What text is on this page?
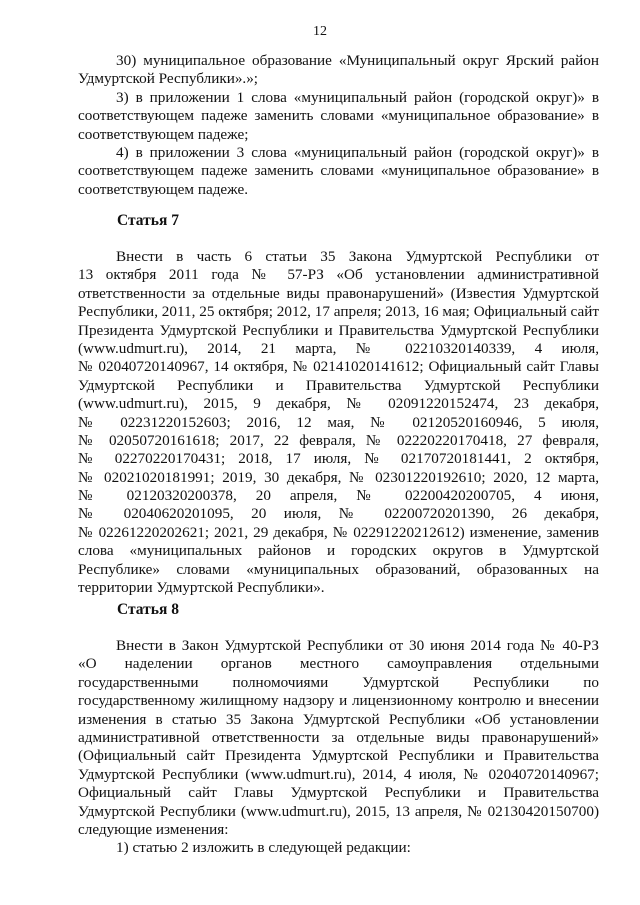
12
30) муниципальное образование «Муниципальный округ Ярский район
Удмуртской Республики».»;
3) в приложении 1 слова «муниципальный район (городской округ)» в
соответствующем падеже заменить словами «муниципальное образование» в
соответствующем падеже;
4) в приложении 3 слова «муниципальный район (городской округ)» в
соответствующем падеже заменить словами «муниципальное образование» в
соответствующем падеже.
Статья 7
Внести в часть 6 статьи 35 Закона Удмуртской Республики от
13 октября 2011 года № 57-РЗ «Об установлении административной
ответственности за отдельные виды правонарушений» (Известия Удмуртской
Республики, 2011, 25 октября; 2012, 17 апреля; 2013, 16 мая; Официальный сайт
Президента Удмуртской Республики и Правительства Удмуртской Республики
(www.udmurt.ru), 2014, 21 марта, № 02210320140339, 4 июля,
№ 02040720140967, 14 октября, № 02141020141612; Официальный сайт Главы
Удмуртской Республики и Правительства Удмуртской Республики
(www.udmurt.ru), 2015, 9 декабря, № 02091220152474, 23 декабря,
№ 02231220152603; 2016, 12 мая, № 02120520160946, 5 июля,
№ 02050720161618; 2017, 22 февраля, № 02220220170418, 27 февраля,
№ 02270220170431; 2018, 17 июля, № 02170720181441, 2 октября,
№ 02021020181991; 2019, 30 декабря, № 02301220192610; 2020, 12 марта,
№ 02120320200378, 20 апреля, № 02200420200705, 4 июня,
№ 02040620201095, 20 июля, № 02200720201390, 26 декабря,
№ 02261220202621; 2021, 29 декабря, № 02291220212612) изменение, заменив
слова «муниципальных районов и городских округов в Удмуртской
Республике» словами «муниципальных образований, образованных на
территории Удмуртской Республики».
Статья 8
Внести в Закон Удмуртской Республики от 30 июня 2014 года № 40-РЗ
«О наделении органов местного самоуправления отдельными
государственными полномочиями Удмуртской Республики по
государственному жилищному надзору и лицензионному контролю и внесении
изменения в статью 35 Закона Удмуртской Республики «Об установлении
административной ответственности за отдельные виды правонарушений»
(Официальный сайт Президента Удмуртской Республики и Правительства
Удмуртской Республики (www.udmurt.ru), 2014, 4 июля, № 02040720140967;
Официальный сайт Главы Удмуртской Республики и Правительства
Удмуртской Республики (www.udmurt.ru), 2015, 13 апреля, № 02130420150700)
следующие изменения:
1) статью 2 изложить в следующей редакции:
